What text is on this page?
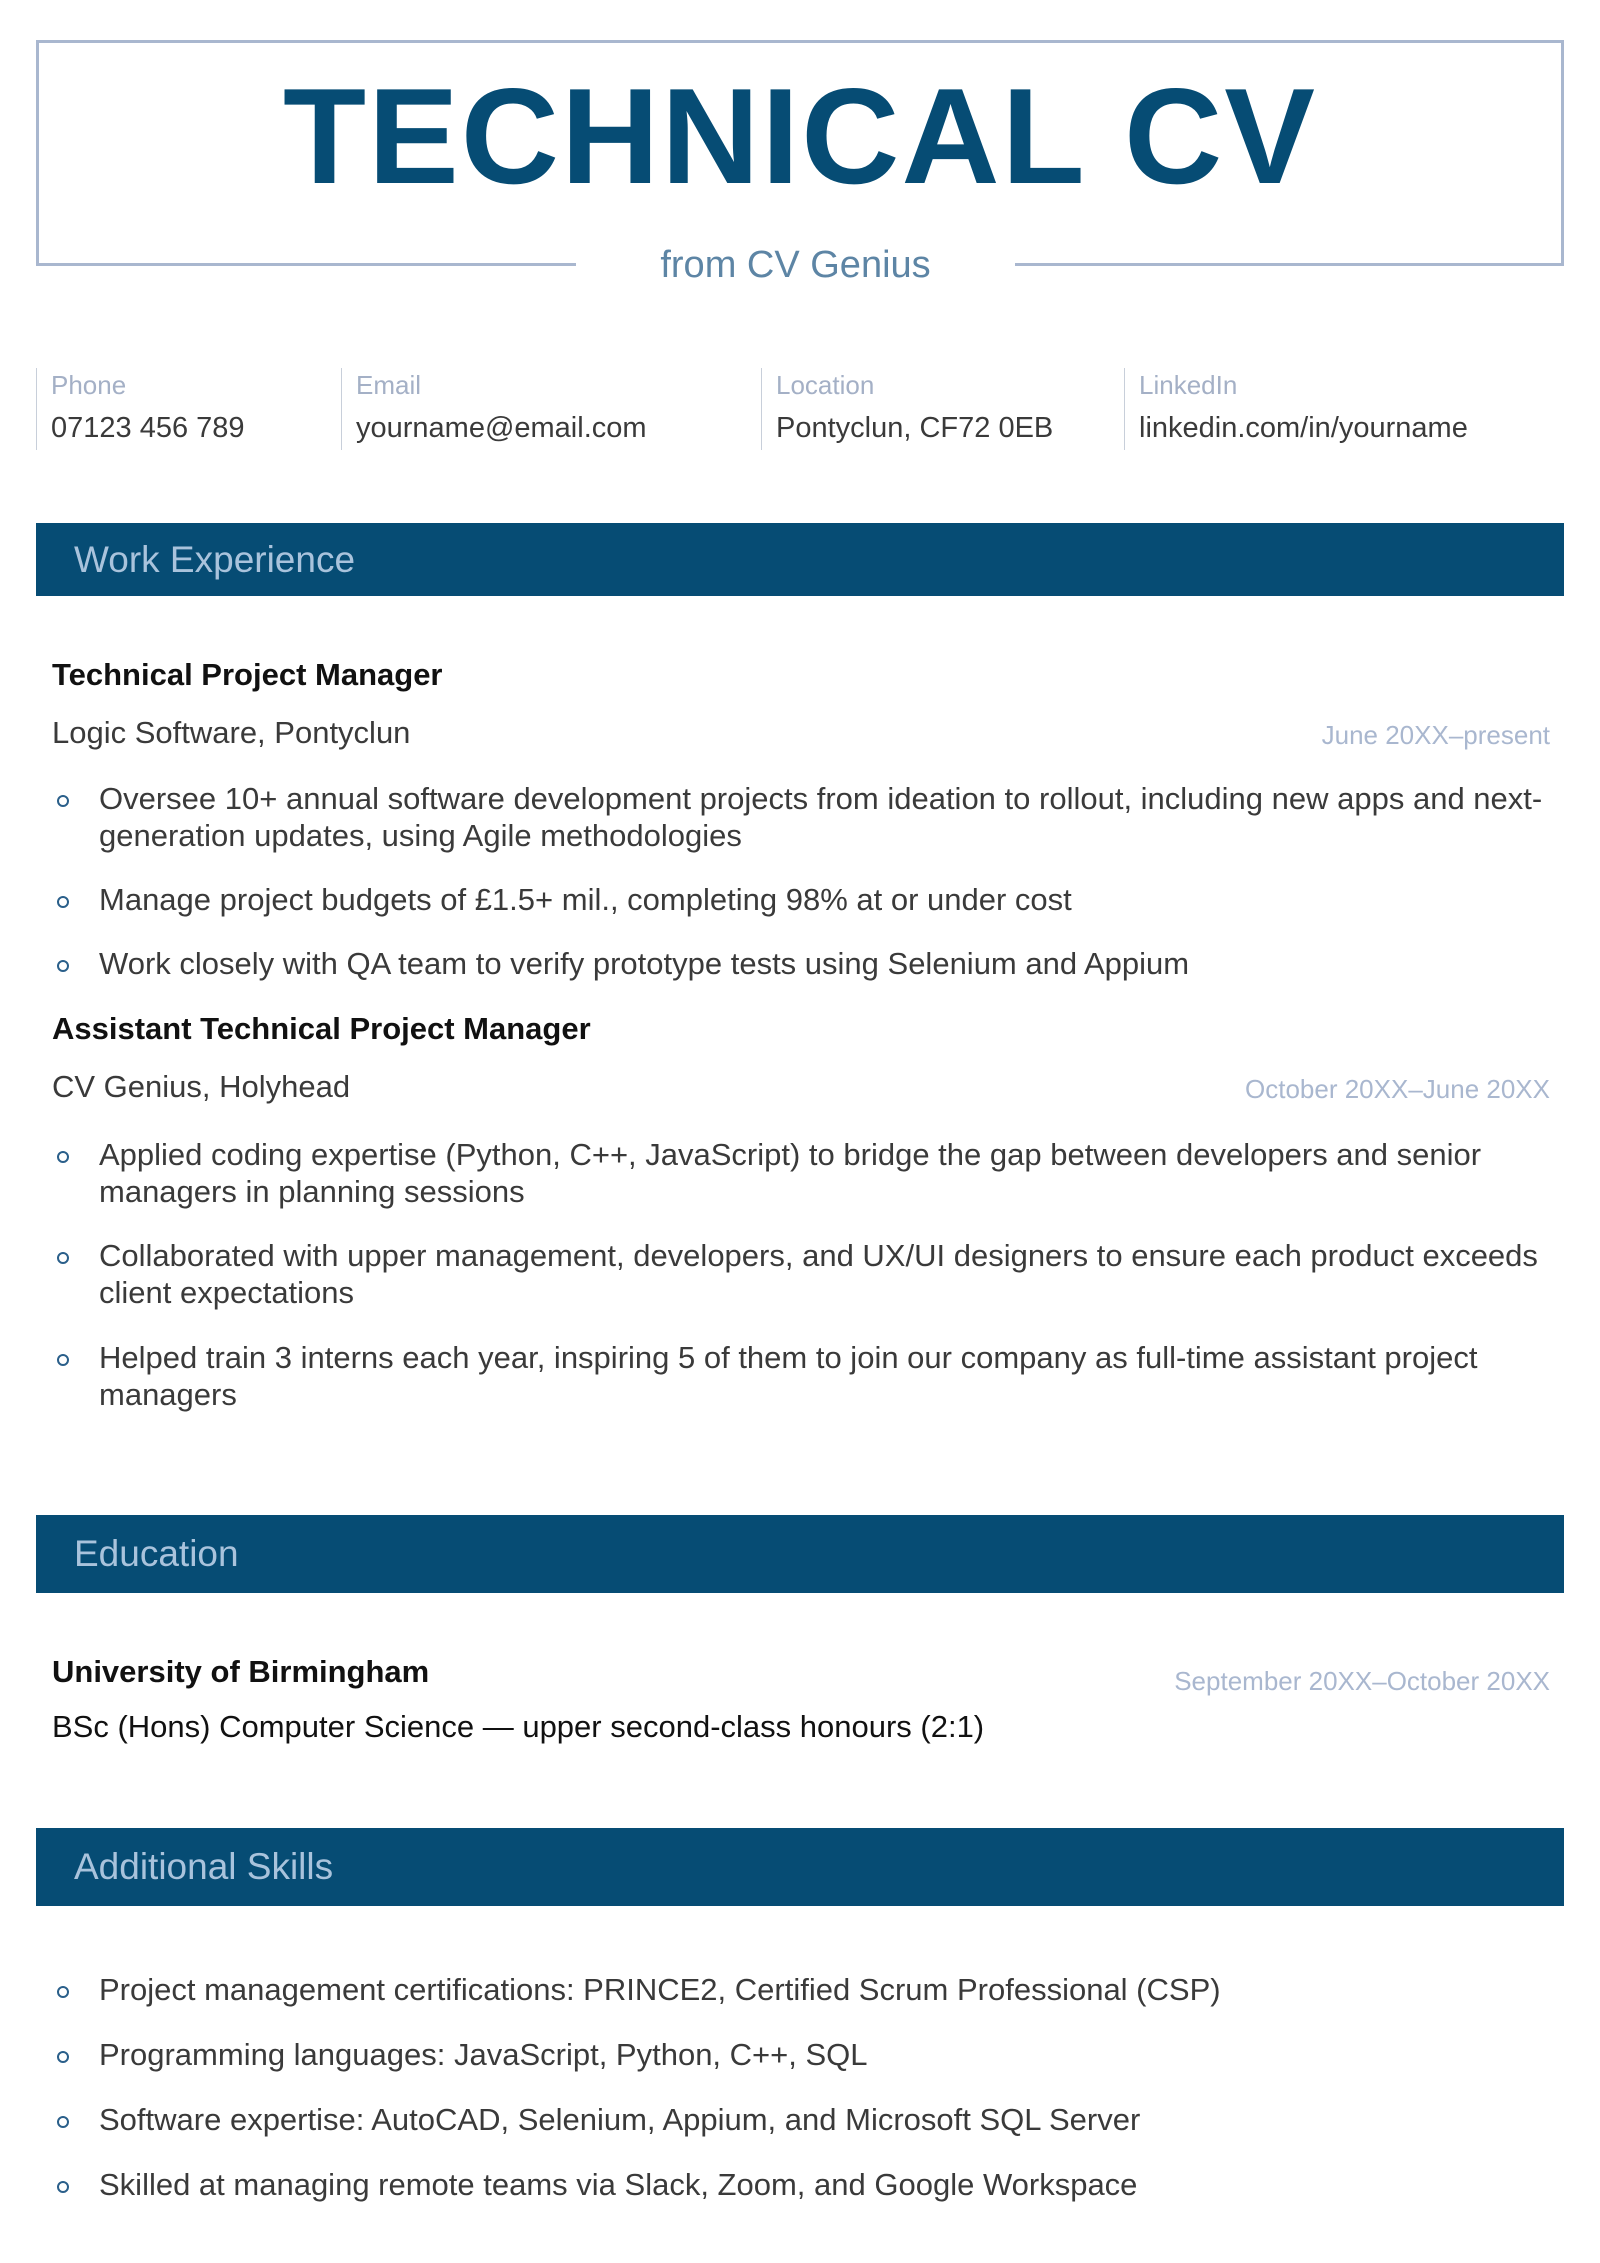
TECHNICAL CV
from CV Genius
Phone
07123 456 789
Email
yourname@email.com
Location
Pontyclun, CF72 0EB
LinkedIn
linkedin.com/in/yourname
Work Experience
Technical Project Manager
Logic Software, Pontyclun	June 20XX–present
Oversee 10+ annual software development projects from ideation to rollout, including new apps and next-generation updates, using Agile methodologies
Manage project budgets of £1.5+ mil., completing 98% at or under cost
Work closely with QA team to verify prototype tests using Selenium and Appium
Assistant Technical Project Manager
CV Genius, Holyhead	October 20XX–June 20XX
Applied coding expertise (Python, C++, JavaScript) to bridge the gap between developers and senior managers in planning sessions
Collaborated with upper management, developers, and UX/UI designers to ensure each product exceeds client expectations
Helped train 3 interns each year, inspiring 5 of them to join our company as full-time assistant project managers
Education
University of Birmingham	September 20XX–October 20XX
BSc (Hons) Computer Science — upper second-class honours (2:1)
Additional Skills
Project management certifications: PRINCE2, Certified Scrum Professional (CSP)
Programming languages: JavaScript, Python, C++, SQL
Software expertise: AutoCAD, Selenium, Appium, and Microsoft SQL Server
Skilled at managing remote teams via Slack, Zoom, and Google Workspace
